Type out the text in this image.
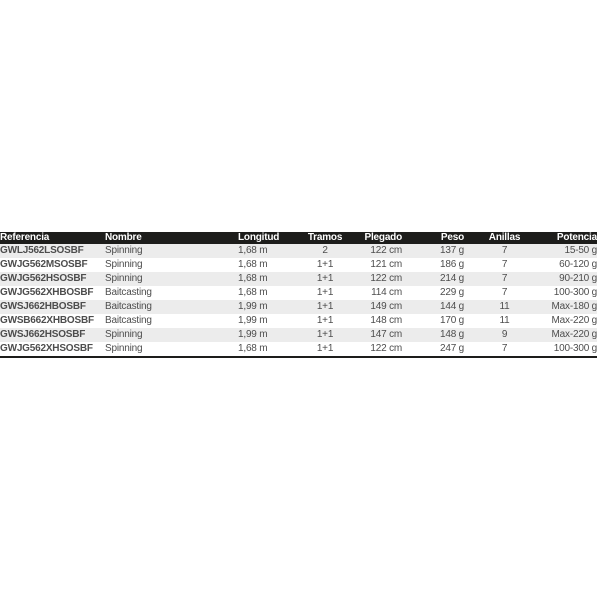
Referencia	Nombre	Longitud	Tramos	Plegado	Peso	Anillas	Potencia
GWLJ562LSOSBF	Spinning	1,68 m	2	122 cm	137 g	7	15-50 g
GWJG562MSOSBF	Spinning	1,68 m	1+1	121 cm	186 g	7	60-120 g
GWJG562HSOSBF	Spinning	1,68 m	1+1	122 cm	214 g	7	90-210 g
GWJG562XHBOSBF	Baitcasting	1,68 m	1+1	114 cm	229 g	7	100-300 g
GWSJ662HBOSBF	Baitcasting	1,99 m	1+1	149 cm	144 g	11	Max-180 g
GWSB662XHBOSBF	Baitcasting	1,99 m	1+1	148 cm	170 g	11	Max-220 g
GWSJ662HSOSBF	Spinning	1,99 m	1+1	147 cm	148 g	9	Max-220 g
GWJG562XHSOSBF	Spinning	1,68 m	1+1	122 cm	247 g	7	100-300 g
